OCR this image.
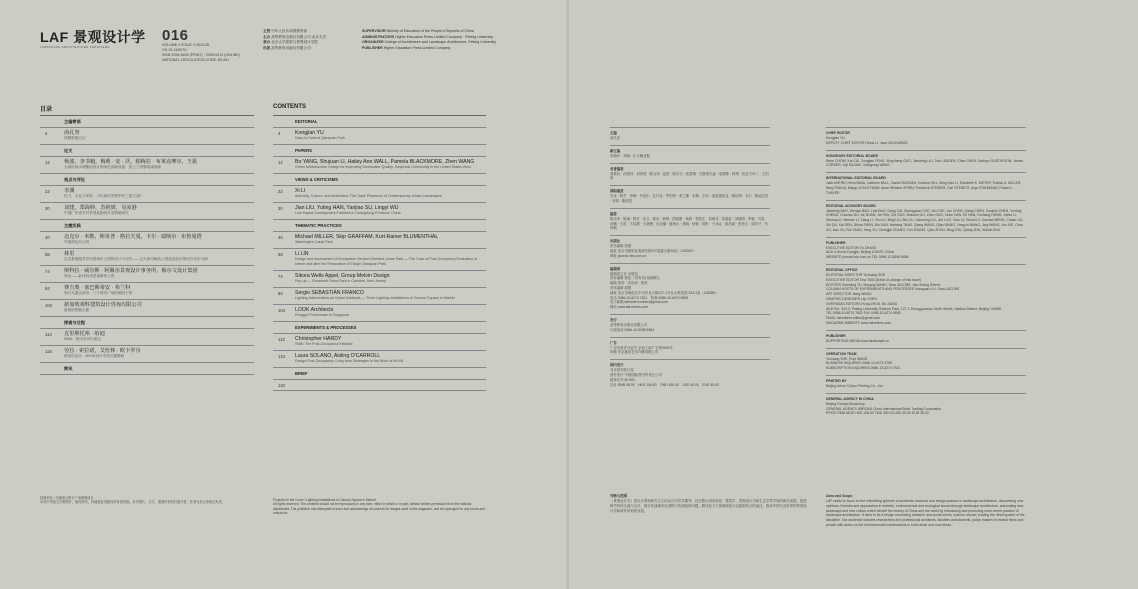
LAF 景观设计学
LANDSCAPE ARCHITECTURE FRONTIERS
016
VOLUME 4 ISSUE 4 2015.08
CN 10-1105/TU
ISSN 2095-5405 (PRINT) · 2095-5413 (ONLINE)
NATIONAL CIRCULATION CODE: 80-961
主管 中华人民共和国教育部
主办 高等教育出版社有限公司 北京大学
承办 北京大学建筑与景观设计学院
出版 高等教育出版社有限公司
SUPERVISOR Ministry of Education of the People's Republic of China
ADMINISTRATORS Higher Education Press Limited Company · Peking University
ORGANIZER College of Architecture and Landscape Architecture, Peking University
PUBLISHER Higher Education Press Limited Company
目录
主编寄语
4	俞孔坚
钱塘野趣日记
论文
12	杨波，李书魁，梅莉 · 安 · 沃，帕梅拉 · 布莱克摩尔，王振
为城市雨水调蓄而设计的绿色基础设施：昆士兰州黎明溪流域
观点与评论
22	李溪
权力、文化与审美：当代城市景观中的三重“幻象”
30	刘建，郑海婷，苏艳妍，吴凌港
中国广东省乡村景观低影响开发策略研究
主题实践
40	迈克尔 · 米勒，斯奇普 · 格拉夫曼，卡尔 · 瑞纳尔 · 布鲁曼塔
华盛顿运河公园
58	林里
生态系统服务导向型城市公园的设计与评价——以天津市解放公园改造前后使用后评价为例
74	斯科拉 · 威尔斯 · 阿佩尔景观设计事务所，梅尔文设计集团
弹出——新泽西州普莱斯顿公园
92	赛吉奥 · 塞巴斯蒂安 · 弗兰科
用灯光激活城市：三个城市广场的照明干预
104 新加坡观科建筑设计咨询有限公司
新加坡榜鹅长廊
探索与过程
113 克里斯托弗 · 哈迪
SWA：使用后评价测定
124 劳拉 · 索拉诺，艾丝林 · 欧卡罗尔
使用后设计：MVVA设计中的长期策略
简讯
CONTENTS
EDITORIAL
4	Kongjian YU
Diary to Defend Qiaoyuan Park
PAPERS
12 Bo YANG, Shujuan LI, Hailey Ann WALL, Pamela BLACKMORE, Zhen WANG
Green Infrastructure Design for Improving Stormwater Quality: Daybreak Community in the United States West
VIEWS & CRITICISMS
22 Xi LI
Authority, Culture, and Aesthetics: The Triple Phantoms of Contemporary Urban Landscapes
30 Jian LIU, Yuting HAN, Yanjiao SU, Lingyi WU
Low Impact Development Facilities in Guangdong Province, China
THEMATIC PRACTICES
40 Michael MILLER, Skip GRAFFAM, Kurt-Rainer BLUMENTHAL
Washington Canal Park
58 Li LIN
Design and Assessment of Ecosystem Service-Oriented Urban Park — The Case of Post Occupancy Evaluation of before and after the Restoration of Tianjin Qiaoyuan Park
74 Sikora Wells Appel, Group Melvin Design
Pop-up — Roosevelt Plaza Park in Camden, New Jersey
92 Sergio SEBASTIÁN FRANCO
Lighting Interventions as Urban Catalysts — Three Lighting Installations in Chueca Square in Madrid
104 LOOK Architects
Punggol Promenade in Singapore
EXPERIMENTS & PROCESSES
113 Christopher HARDY
SWA: The Post-Occupancy Initiative
124 Laura SOLANO, Aisling O'CARROLL
Design Post-Occupancy: Long-term Strategies in the Work of MVVA
BRIEF
134
封面项目 / 马德里丘埃卡广场照明设计
本刊中刊登文字和图片，版权所有，转载需征得版权所有者同意。本刊图片、文字、插图所有权归原作者，作者为其文章观点负责。
Projects on the Cover / Lighting Installations in Chueca Square in Madrid
All rights reserved. The contents should not be reproduced in any form, either in whole or in part, without written permission from the editorial department. The publisher has attempted to trace and acknowledge all sources for images used in this magazine, and we apologize for any errors and omissions.
主编
俞孔坚
副主编
李迪华 · 邓晓 · 扎卡赖亚斯
名誉编委
周维权 · 孙筱祥 · 刘家琨 · 陈为邦 · 崔愷 · 陈可石 · 凯瑟琳 · 古斯塔夫森 · 詹姆斯 · 科纳 · 佐佐木叶二 · 王向荣
国际编委
杰克 · 阿亨 · 李嵘 · 丹尼尔 · 扎什克 · 罗伯特 · 弗兰斯 · 米勒 · 王昀 · 弗雷德里克 · 斯坦纳 · 卡尔 · 斯坦尼茨 · 安妮 · 斯派恩
编委
陈永军 · 陈海 · 程冬 · 邓卫 · 郭庆 · 韩锋 · 侯晓蕾 · 黄莉 · 李凯生 · 刘海龙 · 刘滨谊 · 刘晓明 · 罗毅 · 马春 · 孙鹏 · 王浩 · 王绍增 · 王晓俊 · 吴良镛 · 夏海山 · 谢纯 · 杨锐 · 易彬 · 于冰沁 · 俞昌斌 · 张晋石 · 周年兴 · 朱育帆
出版社
责任编辑 张强
地址 北京市朝阳区惠新东街4号富盛大厦15层（100029）
网址 journal.hep.com.cn
编辑部
编辑部主任 余娟宜
常务编辑 郭佳（具有执行编辑权）
编辑 张筠 · 宋东丽 · 蒋昊
美术编辑 胡慧
地址 北京市海淀区中关村北大街127-1号北太科技园 303-3室（100080）
电话 0086-10-6274 7821　传真 0086-10-6274 5505
电子邮箱 lafrontiers.editor@gmail.com
网站 www.lafrontiers.com
发行
高等教育出版社有限公司
订阅电话 0086-10-5298 6664
广告
广告经营许可证号 京西工商广字第0430号
印刷 北京雅昌艺术印刷有限公司
国内发行
北京报刊发行局
国外发行 中国国际图书贸易总公司
邮发代号 80-961
定价 RMB 58.00　HKD 108.00　TWD 450.00　USD 40.00　EUR 35.00
CHIEF EDITOR
Kongjian YU
DEPUTY CHIEF EDITOR Dihua LI, Jane ZACHARIAS
HONORARY EDITORIAL BOARD
Rene CHOW, Kai CUI, Zongjian FENG, Xingcheng GUO, Jianming LIU, Tom LEADER, Chao CHEN, Kathryn GUSTAFSON, James CORNER, Yoji SASAKI, Xiangrong WANG
INTERNATIONAL EDITORIAL BOARD
Jack AHERN, Henri BAVA, Catherin BULL, Daniel DAZNIKA, Kristina HILL, Ming-Han LI, Elizabeth K. MEYER, Patrick A. MILLER, Mary PADUA, Margo SCHLEYMAN, Anne Whiston SPIRN, Frederick STEINER, Carl STEINITZ, Anja STAHMANN, Robert L. THAYER
EDITORIAL ADVISORY BOARD
Jiasheng BAO, Wenqiu BAO, Lina BAO, Gang CAI, Shengquan CHE, Wu CHE, Jun CHEN, Qiang CHEN, Tongbin CHEN, Yuming CHENG, Chunlan DU, Jie DUAN, Jie FAN, Chi GAO, Zhaobin GU, Zhen GUO, Linke HAN, Ke HAN, Fuchang HONG, Jinhui LI, Shuhua LI, Wenlan LI, Xiang LI, Yin LIU, Bing LIU, Bei LIU, Xiaoming LIU, Jun LUO, Xiao LV, Zhuoli LV, Xuemei MENG, Chuan OU, Shi QU, Kai REN, Dihua SHEN, Bin SUN, Haiming TANG, Qiang WANG, Qian WANG, Yongxin WANG, Jing WANG, Jun XIE, Chun XU, Jian XU, Rui YANG, Yang YU, Chongjie ZHANG, Yun ZHANG, Qian ZHOU, Bing ZHU, Qiang ZHU, Xiaolin ZHU
PUBLISHER
EXECUTIVE EDITOR Yu ZHANG
ADD 4 Huixin Dongjie, Beijing 100029, China
WEBSITE journal.hep.com.cn TEL 0086-10-5856 6488
EDITORIAL OFFICE
EDITORIAL DIRECTOR Yichuang SHE
EXECUTIVE EDITOR Tina TIAN (Editor-in-charge of this issue)
EDITORS Xiaoming TU, Meyang WANG, Sara JACOBS, Jian Zhang Sriterd
COLUMN HOSTS OF EXPERIMENTS AND PROCESSES Xiaoquan LIU, Sara JACOBS
ART DIRECTOR Jiang WANG
GRAPHIC DESIGNER Lily CHEN
OVERSEAS EDITORS Hong ZHOU, Bo JIANG
ADD Rm. 303-3, Peking University Science Park, 127-1 Zhongguancun North Street, Haidian District, Beijing 100080
TEL 0086-10-6274 7821 FAX 0086-10-6274 5605
EMAIL lafrontiers.editor@gmail.com
MAGAZINE WEBSITE www.lafrontiers.com
PUBLISHER
SUPPORTING MEDIA www.landscape.cn
OPERATION TEAM
Yuhuang SHE, Ruyi WANG
BUSINESS INQUIRIES 0086-10-6274 3780
SUBSCRIPTION INQUIRIES 0086-10-6274 7821
PRINTED BY
Beijing Artron Colour Printing Co., Ltd.
GENERAL AGENCY IN CHINA
Beijing Foreign Bookshop
GENERAL AGENCY ABROAD China International Book Trading Corporation
PRICE RMB 58.00 HKD 108.00 TWD 450.00 USD 40.00 EUR 35.00
刊物与范围
《景观设计学》是以专著和研究为主的双月刊学术期刊，旨在整合城市规划、建筑学、景观设计学和生态学等学科的研究成果，促进跨学科的交流与合作，探讨快速城市化进程中所面临的问题。期刊致力于探索理论与实践相结合的途径，推动中国乃至世界的景观设计学和城乡规划的发展。
Aims and Scope
LAF seeks to focus on the interesting spheres of academic research and design practice in landscape architecture, discovering new opinions, theories and approaches in esthetic, environmental and ecological issues through landscape architecture, advocating new landscape and new culture which benefit the beauty of China and the world by introducing and promoting most recent practice of landscape architecture. It aims to be a bridge connecting research and social needs, science and art, leading the development of the discipline. Our audience includes researchers and professional architects, faculties and students, policy makers in related fields and people with works on the environmental constructions in both urban and rural areas.
